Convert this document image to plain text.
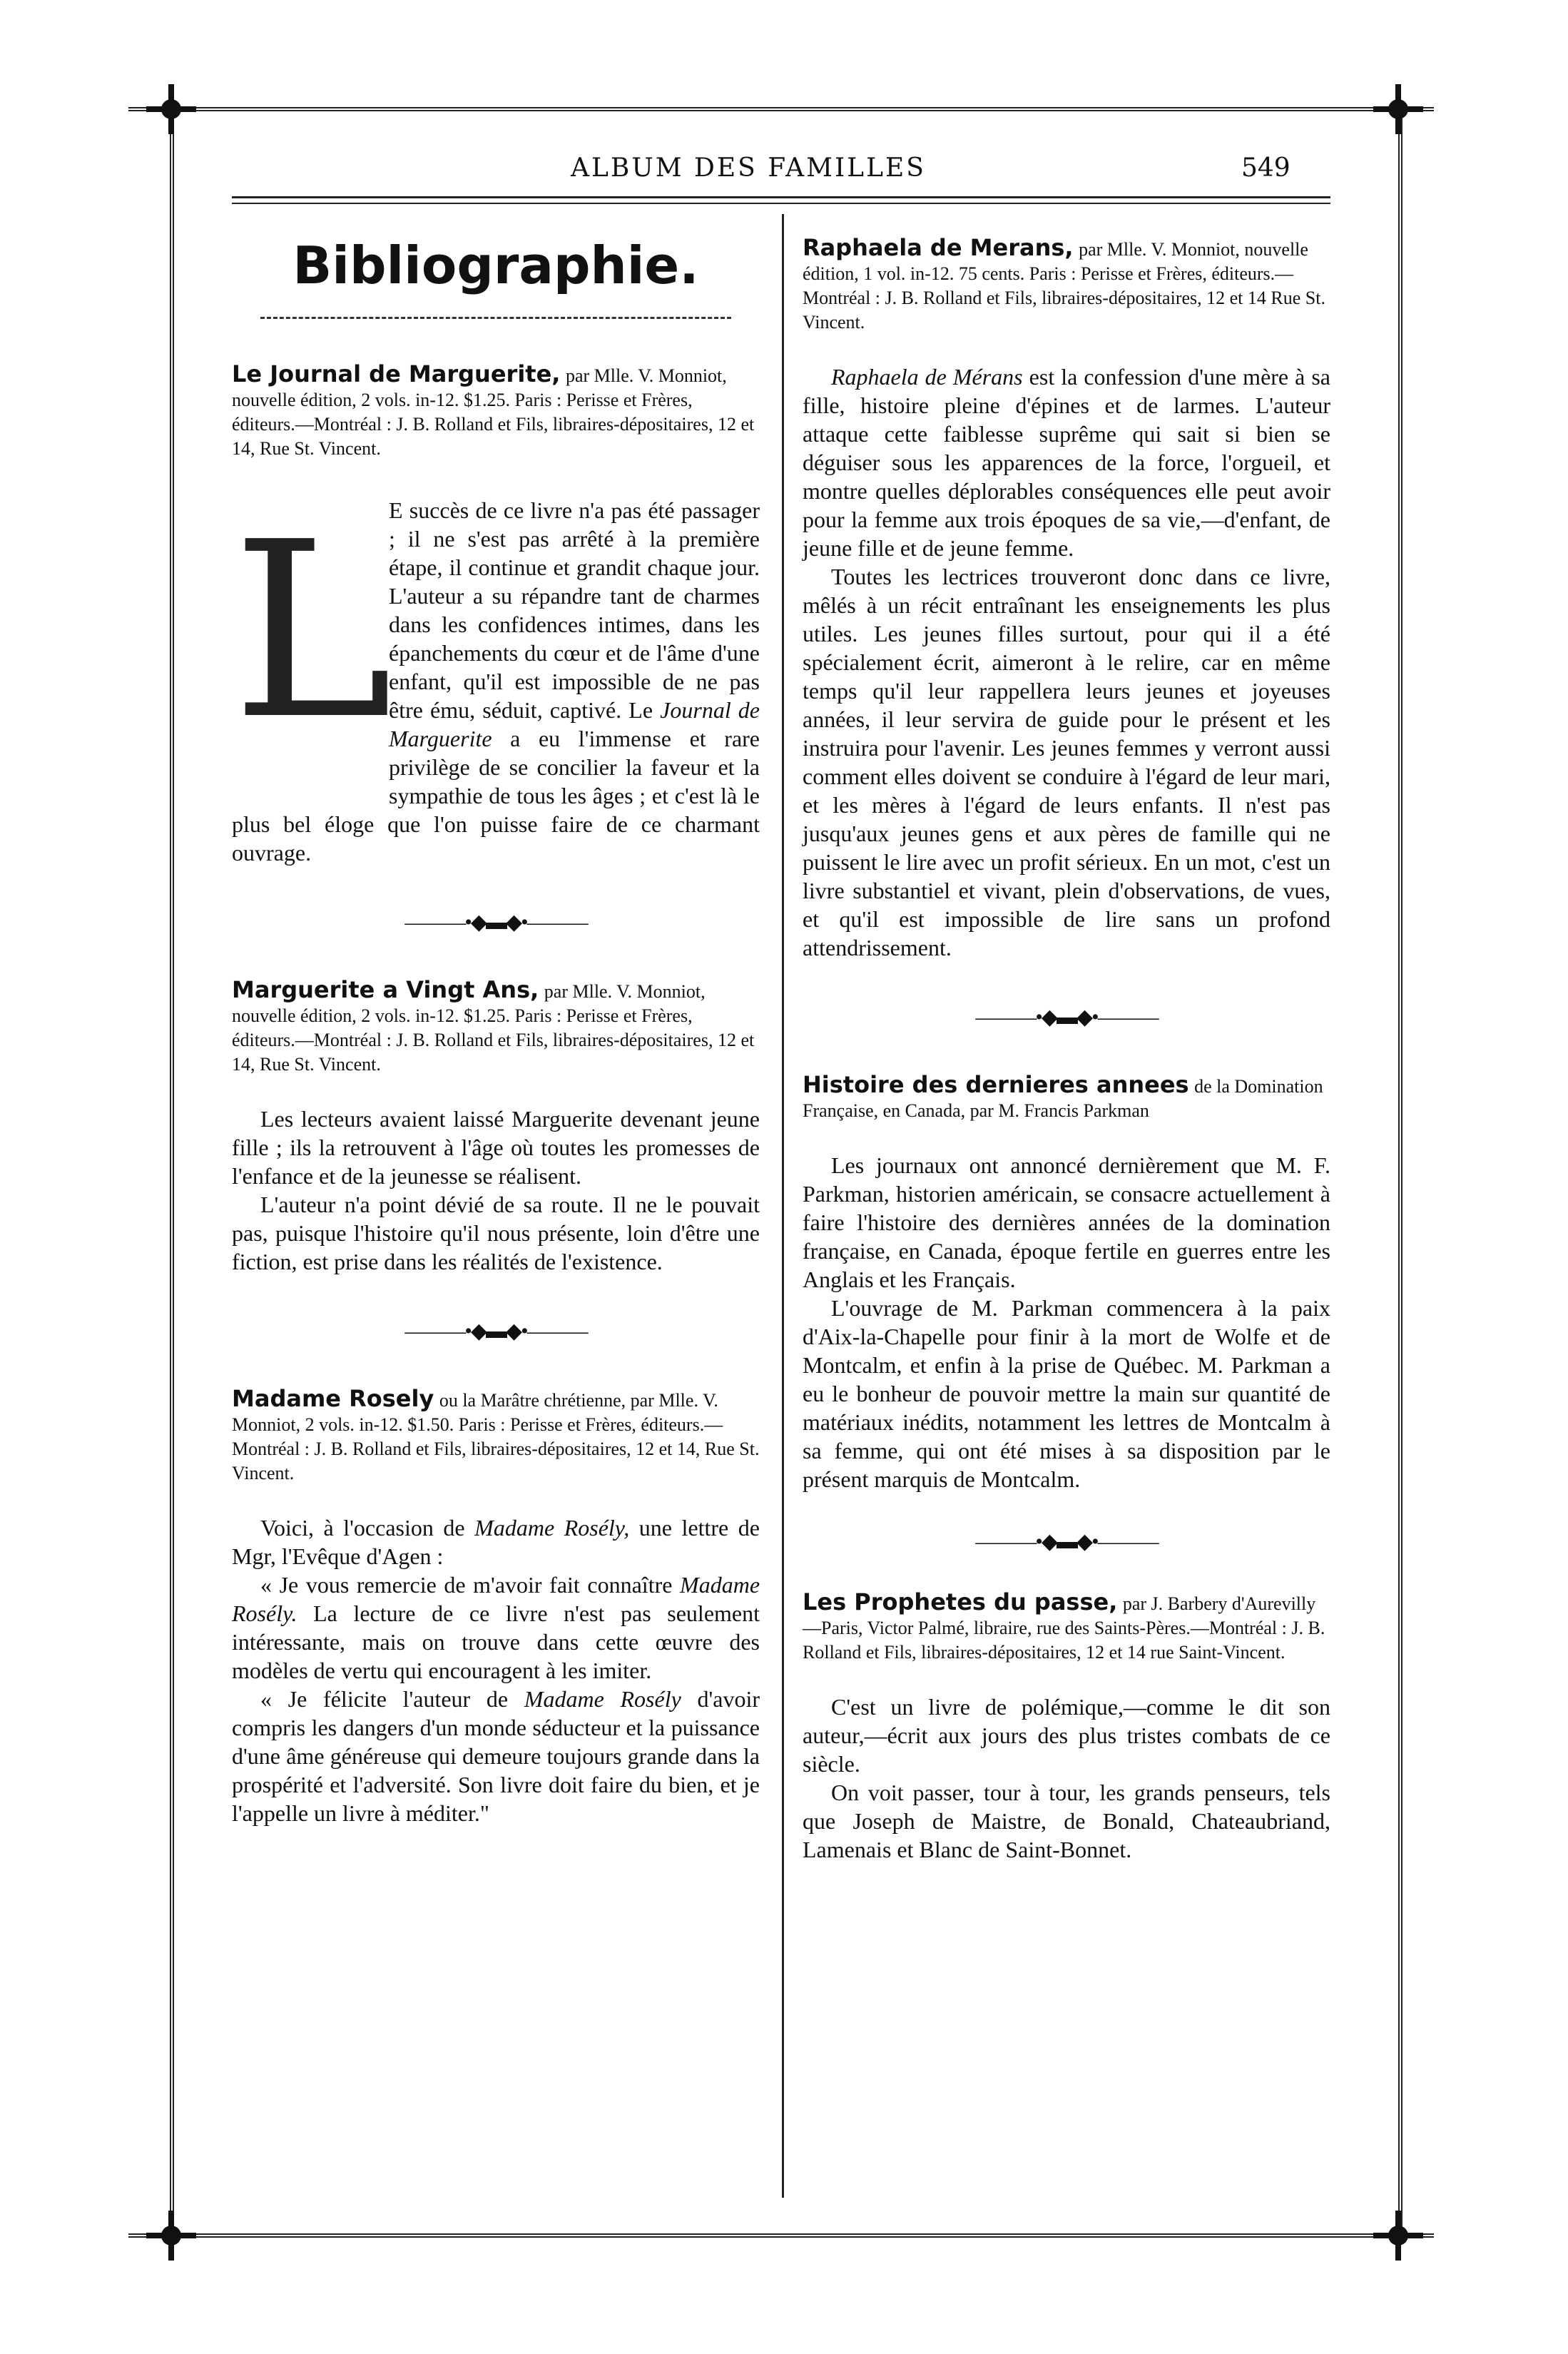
ALBUM DES FAMILLES	549
Bibliographie.
Le Journal de Marguerite, par Mlle. V. Monniot, nouvelle édition, 2 vols. in-12. $1.25. Paris : Perisse et Frères, éditeurs.—Montréal : J. B. Rolland et Fils, libraires-dépositaires, 12 et 14, Rue St. Vincent.
L
E succès de ce livre n'a pas été passager ; il ne s'est pas arrêté à la première étape, il continue et grandit chaque jour. L'auteur a su répandre tant de charmes dans les confidences intimes, dans les épanchements du cœur et de l'âme d'une enfant, qu'il est impossible de ne pas être ému, séduit, captivé. Le Journal de Marguerite a eu l'immense et rare privilège de se concilier la faveur et la sympathie de tous les âges ; et c'est là le plus bel éloge que l'on puisse faire de ce charmant ouvrage.
———•◆▬◆•———
Marguerite a Vingt Ans, par Mlle. V. Monniot, nouvelle édition, 2 vols. in-12. $1.25. Paris : Perisse et Frères, éditeurs.—Montréal : J. B. Rolland et Fils, libraires-dépositaires, 12 et 14, Rue St. Vincent.

Les lecteurs avaient laissé Marguerite devenant jeune fille ; ils la retrouvent à l'âge où toutes les promesses de l'enfance et de la jeunesse se réalisent.

L'auteur n'a point dévié de sa route. Il ne le pouvait pas, puisque l'histoire qu'il nous présente, loin d'être une fiction, est prise dans les réalités de l'existence.

———•◆▬◆•———
Madame Rosely ou la Marâtre chrétienne, par Mlle. V. Monniot, 2 vols. in-12. $1.50. Paris : Perisse et Frères, éditeurs.—Montréal : J. B. Rolland et Fils, libraires-dépositaires, 12 et 14, Rue St. Vincent.

Voici, à l'occasion de Madame Rosély, une lettre de Mgr, l'Evêque d'Agen :

« Je vous remercie de m'avoir fait connaître Madame Rosély. La lecture de ce livre n'est pas seulement intéressante, mais on trouve dans cette œuvre des modèles de vertu qui encouragent à les imiter.

« Je félicite l'auteur de Madame Rosély d'avoir compris les dangers d'un monde séducteur et la puissance d'une âme généreuse qui demeure toujours grande dans la prospérité et l'adversité. Son livre doit faire du bien, et je l'appelle un livre à méditer."

Raphaela de Merans, par Mlle. V. Monniot, nouvelle édition, 1 vol. in-12. 75 cents. Paris : Perisse et Frères, éditeurs.—Montréal : J. B. Rolland et Fils, libraires-dépositaires, 12 et 14 Rue St. Vincent.

Raphaela de Mérans est la confession d'une mère à sa fille, histoire pleine d'épines et de larmes. L'auteur attaque cette faiblesse suprême qui sait si bien se déguiser sous les apparences de la force, l'orgueil, et montre quelles déplorables conséquences elle peut avoir pour la femme aux trois époques de sa vie,—d'enfant, de jeune fille et de jeune femme.

Toutes les lectrices trouveront donc dans ce livre, mêlés à un récit entraînant les enseignements les plus utiles. Les jeunes filles surtout, pour qui il a été spécialement écrit, aimeront à le relire, car en même temps qu'il leur rappellera leurs jeunes et joyeuses années, il leur servira de guide pour le présent et les instruira pour l'avenir. Les jeunes femmes y verront aussi comment elles doivent se conduire à l'égard de leur mari, et les mères à l'égard de leurs enfants. Il n'est pas jusqu'aux jeunes gens et aux pères de famille qui ne puissent le lire avec un profit sérieux. En un mot, c'est un livre substantiel et vivant, plein d'observations, de vues, et qu'il est impossible de lire sans un profond attendrissement.

———•◆▬◆•———
Histoire des dernieres annees de la Domination Française, en Canada, par M. Francis Parkman

Les journaux ont annoncé dernièrement que M. F. Parkman, historien américain, se consacre actuellement à faire l'histoire des dernières années de la domination française, en Canada, époque fertile en guerres entre les Anglais et les Français.

L'ouvrage de M. Parkman commencera à la paix d'Aix-la-Chapelle pour finir à la mort de Wolfe et de Montcalm, et enfin à la prise de Québec. M. Parkman a eu le bonheur de pouvoir mettre la main sur quantité de matériaux inédits, notamment les lettres de Montcalm à sa femme, qui ont été mises à sa disposition par le présent marquis de Montcalm.

———•◆▬◆•———
Les Prophetes du passe, par J. Barbery d'Aurevilly—Paris, Victor Palmé, libraire, rue des Saints-Pères.—Montréal : J. B. Rolland et Fils, libraires-dépositaires, 12 et 14 rue Saint-Vincent.

C'est un livre de polémique,—comme le dit son auteur,—écrit aux jours des plus tristes combats de ce siècle.

On voit passer, tour à tour, les grands penseurs, tels que Joseph de Maistre, de Bonald, Chateaubriand, Lamenais et Blanc de Saint-Bonnet.
